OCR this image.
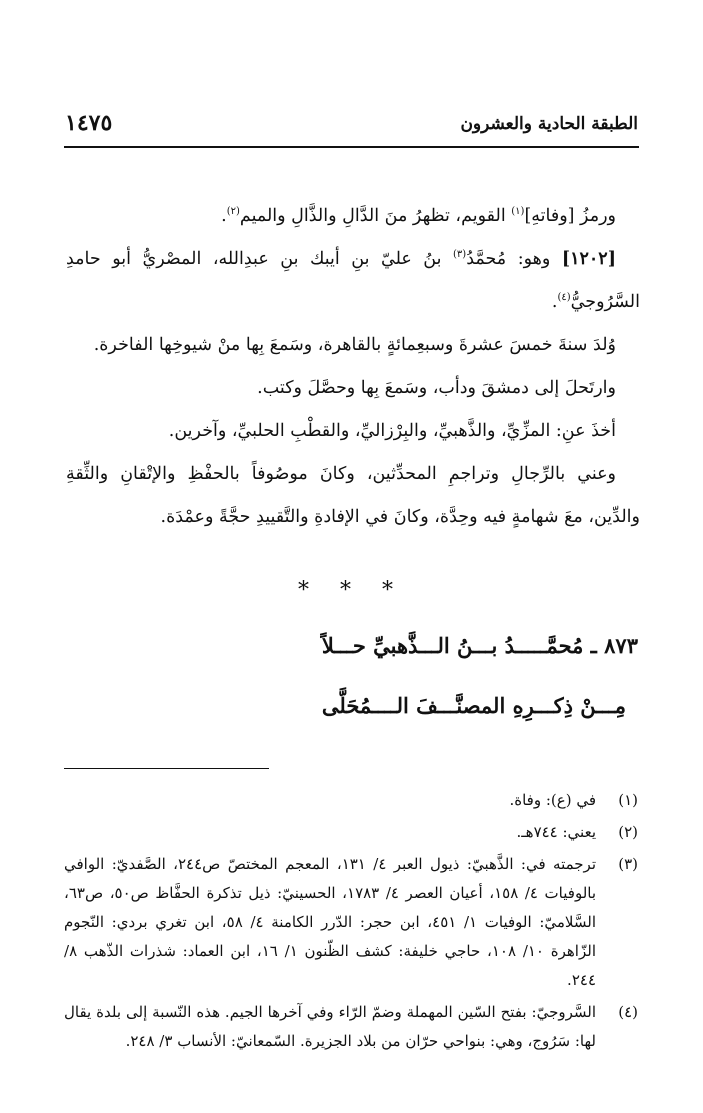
الطبقة الحادية والعشرون
١٤٧٥

ورمزُ [وفاتهِ]$^{(١)}$ القويم، تظهرُ منَ الدَّالِ والذَّالِ والميم$^{(٢)}$.

[١٢٠٢] وهو: مُحمَّدُ$^{(٣)}$ بنُ عليّ بنِ أيبك بنِ عبدِالله، المصْريُّ أبو حامدِ السَّرُوجيُّ$^{(٤)}$.

وُلدَ سنةَ خمسَ عشرةَ وسبعِمائةٍ بالقاهرة، وسَمعَ بِها منْ شيوخِها الفاخرة.

وارتَحلَ إلى دمشقَ ودأب، وسَمعَ بِها وحصَّلَ وكتب.

أخذَ عنِ: المزِّيِّ، والذَّهبيِّ، والبِرْزاليِّ، والقطْبِ الحلبيِّ، وآخرين.

وعني بالرِّجالِ وتراجمِ المحدِّثين، وكانَ موصُوفاً بالحفْظِ والإتْقانِ والثِّقةِ والدِّين، معَ شهامةٍ فيه وحِدَّة، وكانَ في الإفادةِ والتَّقييدِ حجَّةً وعمْدَة.

* * *
٨٧٣ ـ مُحمَّـــــدُ بـــنُ الـــذَّهبيِّ حـــلاً
مِـــنْ ذِكـــرِهِ المصنَّـــفَ الــــمُحَلَّى
(١)
في (ع): وفاة.
(٢)
يعني: ٧٤٤هـ.
(٣)
ترجمته في: الذَّهبيّ: ذيول العبر ٤/ ١٣١، المعجم المختصّ ص٢٤٤، الصَّفديّ: الوافي بالوفيات ٤/ ١٥٨، أعيان العصر ٤/ ١٧٨٣، الحسينيّ: ذيل تذكرة الحفَّاظ ص٥٠، ص٦٣، السَّلاميّ: الوفيات ١/ ٤٥١، ابن حجر: الدّرر الكامنة ٤/ ٥٨، ابن تغري بردي: النّجوم الزّاهرة ١٠/ ١٠٨، حاجي خليفة: كشف الظّنون ١/ ١٦، ابن العماد: شذرات الذّهب ٨/ ٢٤٤.
(٤)
السَّروجيّ: بفتح السّين المهملة وضمّ الرّاء وفي آخرها الجيم. هذه النّسبة إلى بلدة يقال لها: سَرُوج، وهي: بنواحي حرّان من بلاد الجزيرة. السّمعانيّ: الأنساب ٣/ ٢٤٨.
